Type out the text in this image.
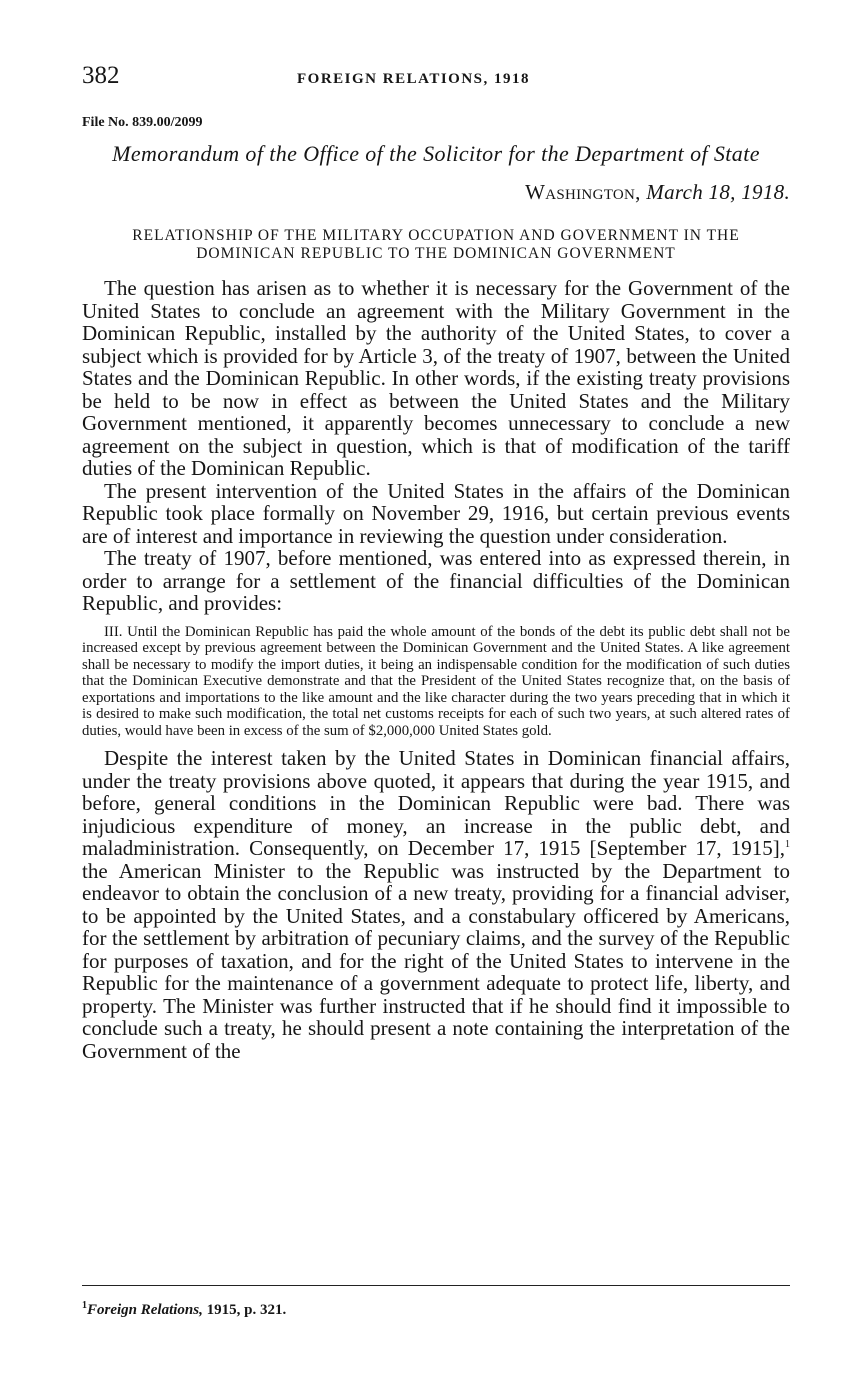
382	FOREIGN RELATIONS, 1918
File No. 839.00/2099
Memorandum of the Office of the Solicitor for the Department of State
Washington, March 18, 1918.
RELATIONSHIP OF THE MILITARY OCCUPATION AND GOVERNMENT IN THE DOMINICAN REPUBLIC TO THE DOMINICAN GOVERNMENT

The question has arisen as to whether it is necessary for the Government of the United States to conclude an agreement with the Military Government in the Dominican Republic, installed by the authority of the United States, to cover a subject which is provided for by Article 3, of the treaty of 1907, between the United States and the Dominican Republic. In other words, if the existing treaty provisions be held to be now in effect as between the United States and the Military Government mentioned, it apparently becomes unnecessary to conclude a new agreement on the subject in question, which is that of modification of the tariff duties of the Dominican Republic.

The present intervention of the United States in the affairs of the Dominican Republic took place formally on November 29, 1916, but certain previous events are of interest and importance in reviewing the question under consideration.

The treaty of 1907, before mentioned, was entered into as expressed therein, in order to arrange for a settlement of the financial difficulties of the Dominican Republic, and provides:

III. Until the Dominican Republic has paid the whole amount of the bonds of the debt its public debt shall not be increased except by previous agreement between the Dominican Government and the United States. A like agreement shall be necessary to modify the import duties, it being an indispensable condition for the modification of such duties that the Dominican Executive demonstrate and that the President of the United States recognize that, on the basis of exportations and importations to the like amount and the like character during the two years preceding that in which it is desired to make such modification, the total net customs receipts for each of such two years, at such altered rates of duties, would have been in excess of the sum of $2,000,000 United States gold.

Despite the interest taken by the United States in Dominican financial affairs, under the treaty provisions above quoted, it appears that during the year 1915, and before, general conditions in the Dominican Republic were bad. There was injudicious expenditure of money, an increase in the public debt, and maladministration. Consequently, on December 17, 1915 [September 17, 1915],$^1$ the American Minister to the Republic was instructed by the Department to endeavor to obtain the conclusion of a new treaty, providing for a financial adviser, to be appointed by the United States, and a constabulary officered by Americans, for the settlement by arbitration of pecuniary claims, and the survey of the Republic for purposes of taxation, and for the right of the United States to intervene in the Republic for the maintenance of a government adequate to protect life, liberty, and property. The Minister was further instructed that if he should find it impossible to conclude such a treaty, he should present a note containing the interpretation of the Government of the

$^1$Foreign Relations, 1915, p. 321.
